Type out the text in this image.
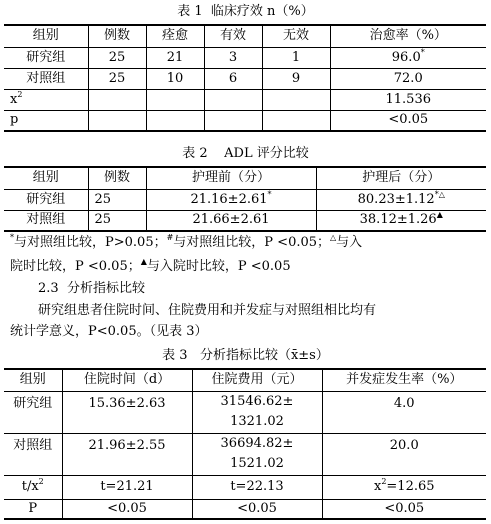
表 1  临床疗效 n（%）
组别	例数	痊愈	有效	无效	治愈率（%）
研究组	25	21	3	1	96.0*
对照组	25	10	6	9	72.0
$x^2$					11.536
p					<0.05
表 2    ADL 评分比较
组别	例数	护理前（分）	护理后（分）
研究组	25	21.16±2.61*	80.23±1.12*△
对照组	25	21.66±2.61	38.12±1.26▲
*与对照组比较，P>0.05；#与对照组比较，P <0.05；△与入
院时比较，P <0.05；▲与入院时比较，P <0.05
2.3  分析指标比较
研究组患者住院时间、住院费用和并发症与对照组相比均有
统计学意义，P<0.05。（见表 3）
表 3   分析指标比较（x̄±s）
组别	住院时间（d）	住院费用（元）	并发症发生率（%）
研究组	15.36±2.63	31546.62±
1321.02	4.0
对照组	21.96±2.55	36694.82±
1521.02	20.0
$t/x^2$	t=21.21	t=22.13	$x^2=12.65$
P	<0.05	<0.05	<0.05
